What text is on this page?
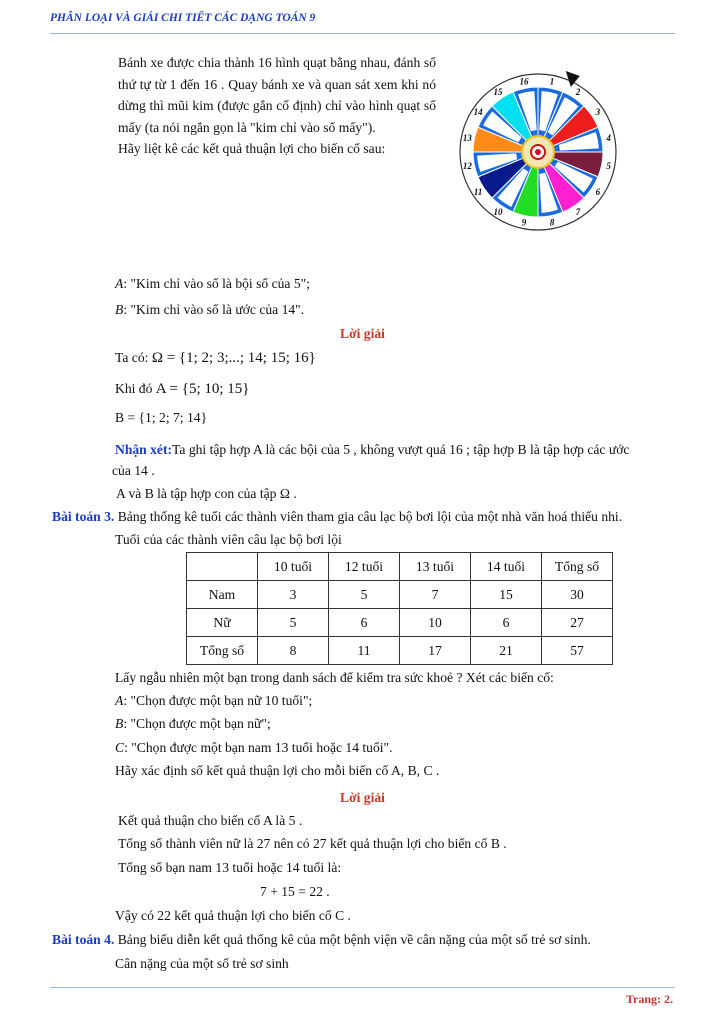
PHÂN LOẠI VÀ GIẢI CHI TIẾT CÁC DẠNG TOÁN 9

Bánh xe được chia thành 16 hình quạt bằng nhau, đánh số thứ tự từ 1 đến 16 . Quay bánh xe và quan sát xem khi nó dừng thì mũi kim (được gắn cố định) chỉ vào hình quạt số mấy (ta nói ngắn gọn là "kim chỉ vào số mấy").

Hãy liệt kê các kết quả thuận lợi cho biến cố sau:

1
2
3
4
5
6
7
8
9
10
11
12
13
14
15
16
A: "Kim chỉ vào số là bội số của 5";
B: "Kim chỉ vào số là ước của 14".
Lời giải
Ta có: Ω = {1; 2; 3;...; 14; 15; 16}
Khi đó A = {5; 10; 15}
B = {1; 2; 7; 14}
Nhận xét:Ta ghi tập hợp A là các bội của 5 , không vượt quá 16 ; tập hợp B là tập hợp các ước
của 14 .
A và B là tập hợp con của tập Ω .
Bài toán 3. Bảng thống kê tuổi các thành viên tham gia câu lạc bộ bơi lội của một nhà văn hoá thiếu nhi.
Tuổi của các thành viên câu lạc bộ bơi lội
	10 tuổi	12 tuổi	13 tuổi	14 tuổi	Tổng số
Nam	3	5	7	15	30
Nữ	5	6	10	6	27
Tổng số	8	11	17	21	57
Lấy ngẫu nhiên một bạn trong danh sách để kiểm tra sức khoẻ ? Xét các biến cố:
A: "Chọn được một bạn nữ 10 tuổi";
B: "Chọn được một bạn nữ";
C: "Chọn được một bạn nam 13 tuổi hoặc 14 tuổi".
Hãy xác định số kết quả thuận lợi cho mỗi biến cố A, B, C .
Lời giải
Kết quả thuận cho biến cố A là 5 .
Tổng số thành viên nữ là 27 nên có 27 kết quả thuận lợi cho biến cố B .
Tổng số bạn nam 13 tuổi hoặc 14 tuổi là:
7 + 15 = 22 .
Vậy có 22 kết quả thuận lợi cho biến cố C .
Bài toán 4. Bảng biểu diễn kết quả thống kê của một bệnh viện về cân nặng của một số trẻ sơ sinh.
Cân nặng của một số trẻ sơ sinh
Trang: 2.
